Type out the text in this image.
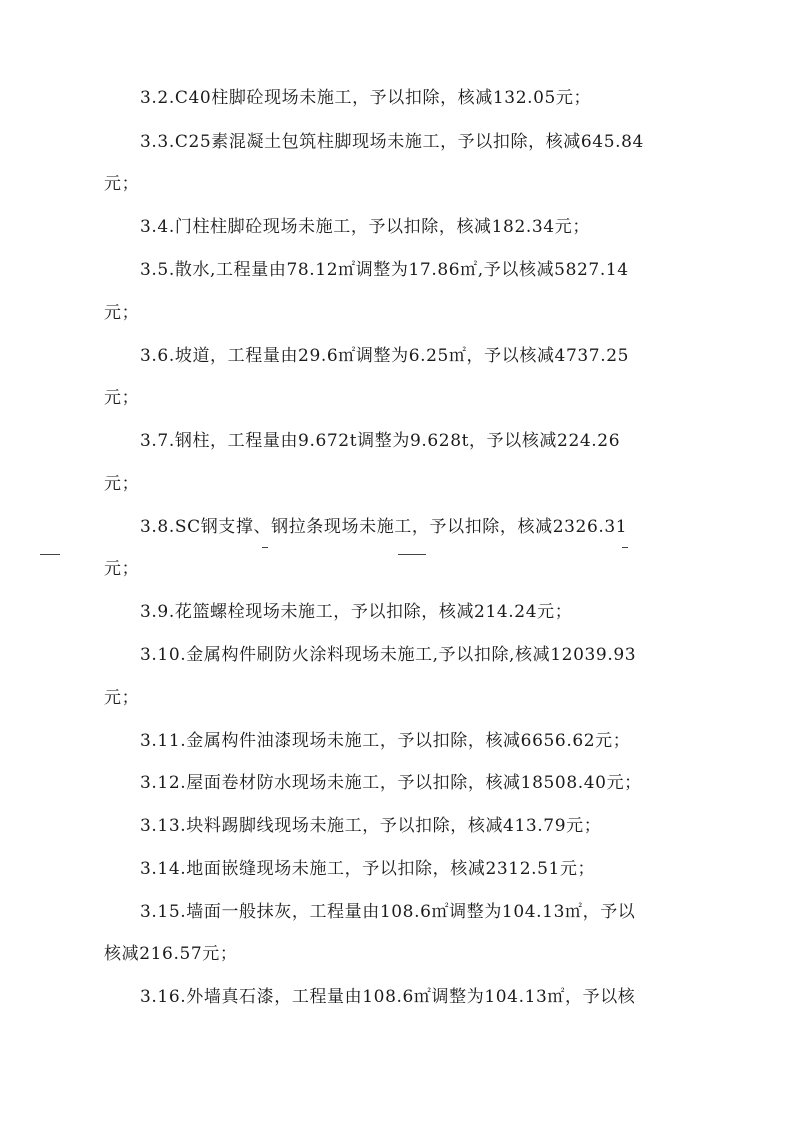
3.2.C40柱脚砼现场未施工，予以扣除，核减132.05元；
3.3.C25素混凝土包筑柱脚现场未施工，予以扣除，核减645.84
元；
3.4.门柱柱脚砼现场未施工，予以扣除，核减182.34元；
3.5.散水,工程量由78.12㎡调整为17.86㎡,予以核减5827.14
元；
3.6.坡道，工程量由29.6㎡调整为6.25㎡，予以核减4737.25
元；
3.7.钢柱，工程量由9.672t调整为9.628t，予以核减224.26
元；
3.8.SC钢支撑、钢拉条现场未施工，予以扣除，核减2326.31
元；
3.9.花篮螺栓现场未施工，予以扣除，核减214.24元；
3.10.金属构件刷防火涂料现场未施工,予以扣除,核减12039.93
元；
3.11.金属构件油漆现场未施工，予以扣除，核减6656.62元；
3.12.屋面卷材防水现场未施工，予以扣除，核减18508.40元；
3.13.块料踢脚线现场未施工，予以扣除，核减413.79元；
3.14.地面嵌缝现场未施工，予以扣除，核减2312.51元；
3.15.墙面一般抹灰，工程量由108.6㎡调整为104.13㎡，予以
核减216.57元；
3.16.外墙真石漆，工程量由108.6㎡调整为104.13㎡，予以核
